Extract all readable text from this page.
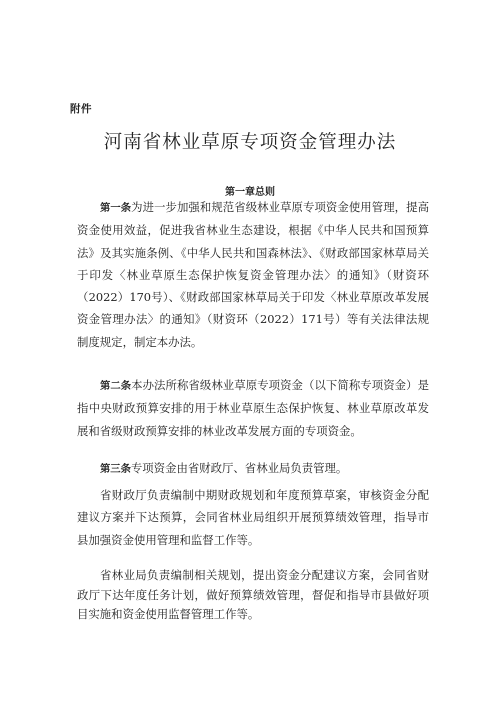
附件
河南省林业草原专项资金管理办法
第一章总则

第一条为进一步加强和规范省级林业草原专项资金使用管理，提高资金使用效益，促进我省林业生态建设，根据《中华人民共和国预算法》及其实施条例、《中华人民共和国森林法》、《财政部国家林草局关于印发〈林业草原生态保护恢复资金管理办法〉的通知》（财资环（2022）170号）、《财政部国家林草局关于印发〈林业草原改革发展资金管理办法〉的通知》（财资环（2022）171号）等有关法律法规制度规定，制定本办法。

第二条本办法所称省级林业草原专项资金（以下简称专项资金）是指中央财政预算安排的用于林业草原生态保护恢复、林业草原改革发展和省级财政预算安排的林业改革发展方面的专项资金。

第三条专项资金由省财政厅、省林业局负责管理。

省财政厅负责编制中期财政规划和年度预算草案，审核资金分配建议方案并下达预算，会同省林业局组织开展预算绩效管理，指导市县加强资金使用管理和监督工作等。

省林业局负责编制相关规划，提出资金分配建议方案，会同省财政厅下达年度任务计划，做好预算绩效管理，督促和指导市县做好项目实施和资金使用监督管理工作等。
